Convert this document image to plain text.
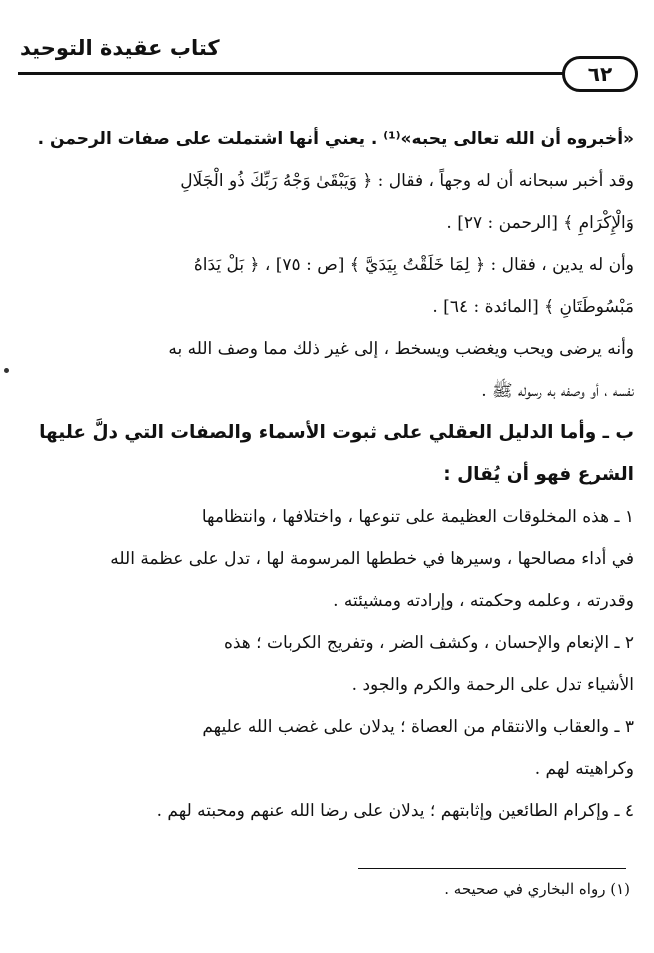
كتاب عقيدة التوحيد
٦٢
«أخبروه أن الله تعالى يحبه»⁽¹⁾ . يعني أنها اشتملت على صفات الرحمن .
وقد أخبر سبحانه أن له وجهاً ، فقال : ﴿ وَيَبْقَىٰ وَجْهُ رَبِّكَ ذُو الْجَلَالِ
وَالْإِكْرَامِ ﴾ [الرحمن : ٢٧] .
وأن له يدين ، فقال : ﴿ لِمَا خَلَقْتُ بِيَدَيَّ ﴾ [ص : ٧٥] ، ﴿ بَلْ يَدَاهُ
مَبْسُوطَتَانِ ﴾ [المائدة : ٦٤] .
وأنه يرضى ويحب ويغضب ويسخط ، إلى غير ذلك مما وصف الله به
نفسه ، أو وصفه به رسوله ﷺ .
ب ـ وأما الدليل العقلي على ثبوت الأسماء والصفات التي دلَّ عليها
الشرع فهو أن يُقال :
١ ـ هذه المخلوقات العظيمة على تنوعها ، واختلافها ، وانتظامها
في أداء مصالحها ، وسيرها في خططها المرسومة لها ، تدل على عظمة الله
وقدرته ، وعلمه وحكمته ، وإرادته ومشيئته .
٢ ـ الإنعام والإحسان ، وكشف الضر ، وتفريج الكربات ؛ هذه
الأشياء تدل على الرحمة والكرم والجود .
٣ ـ والعقاب والانتقام من العصاة ؛ يدلان على غضب الله عليهم
وكراهيته لهم .
٤ ـ وإكرام الطائعين وإثابتهم ؛ يدلان على رضا الله عنهم ومحبته لهم .
(١) رواه البخاري في صحيحه .
